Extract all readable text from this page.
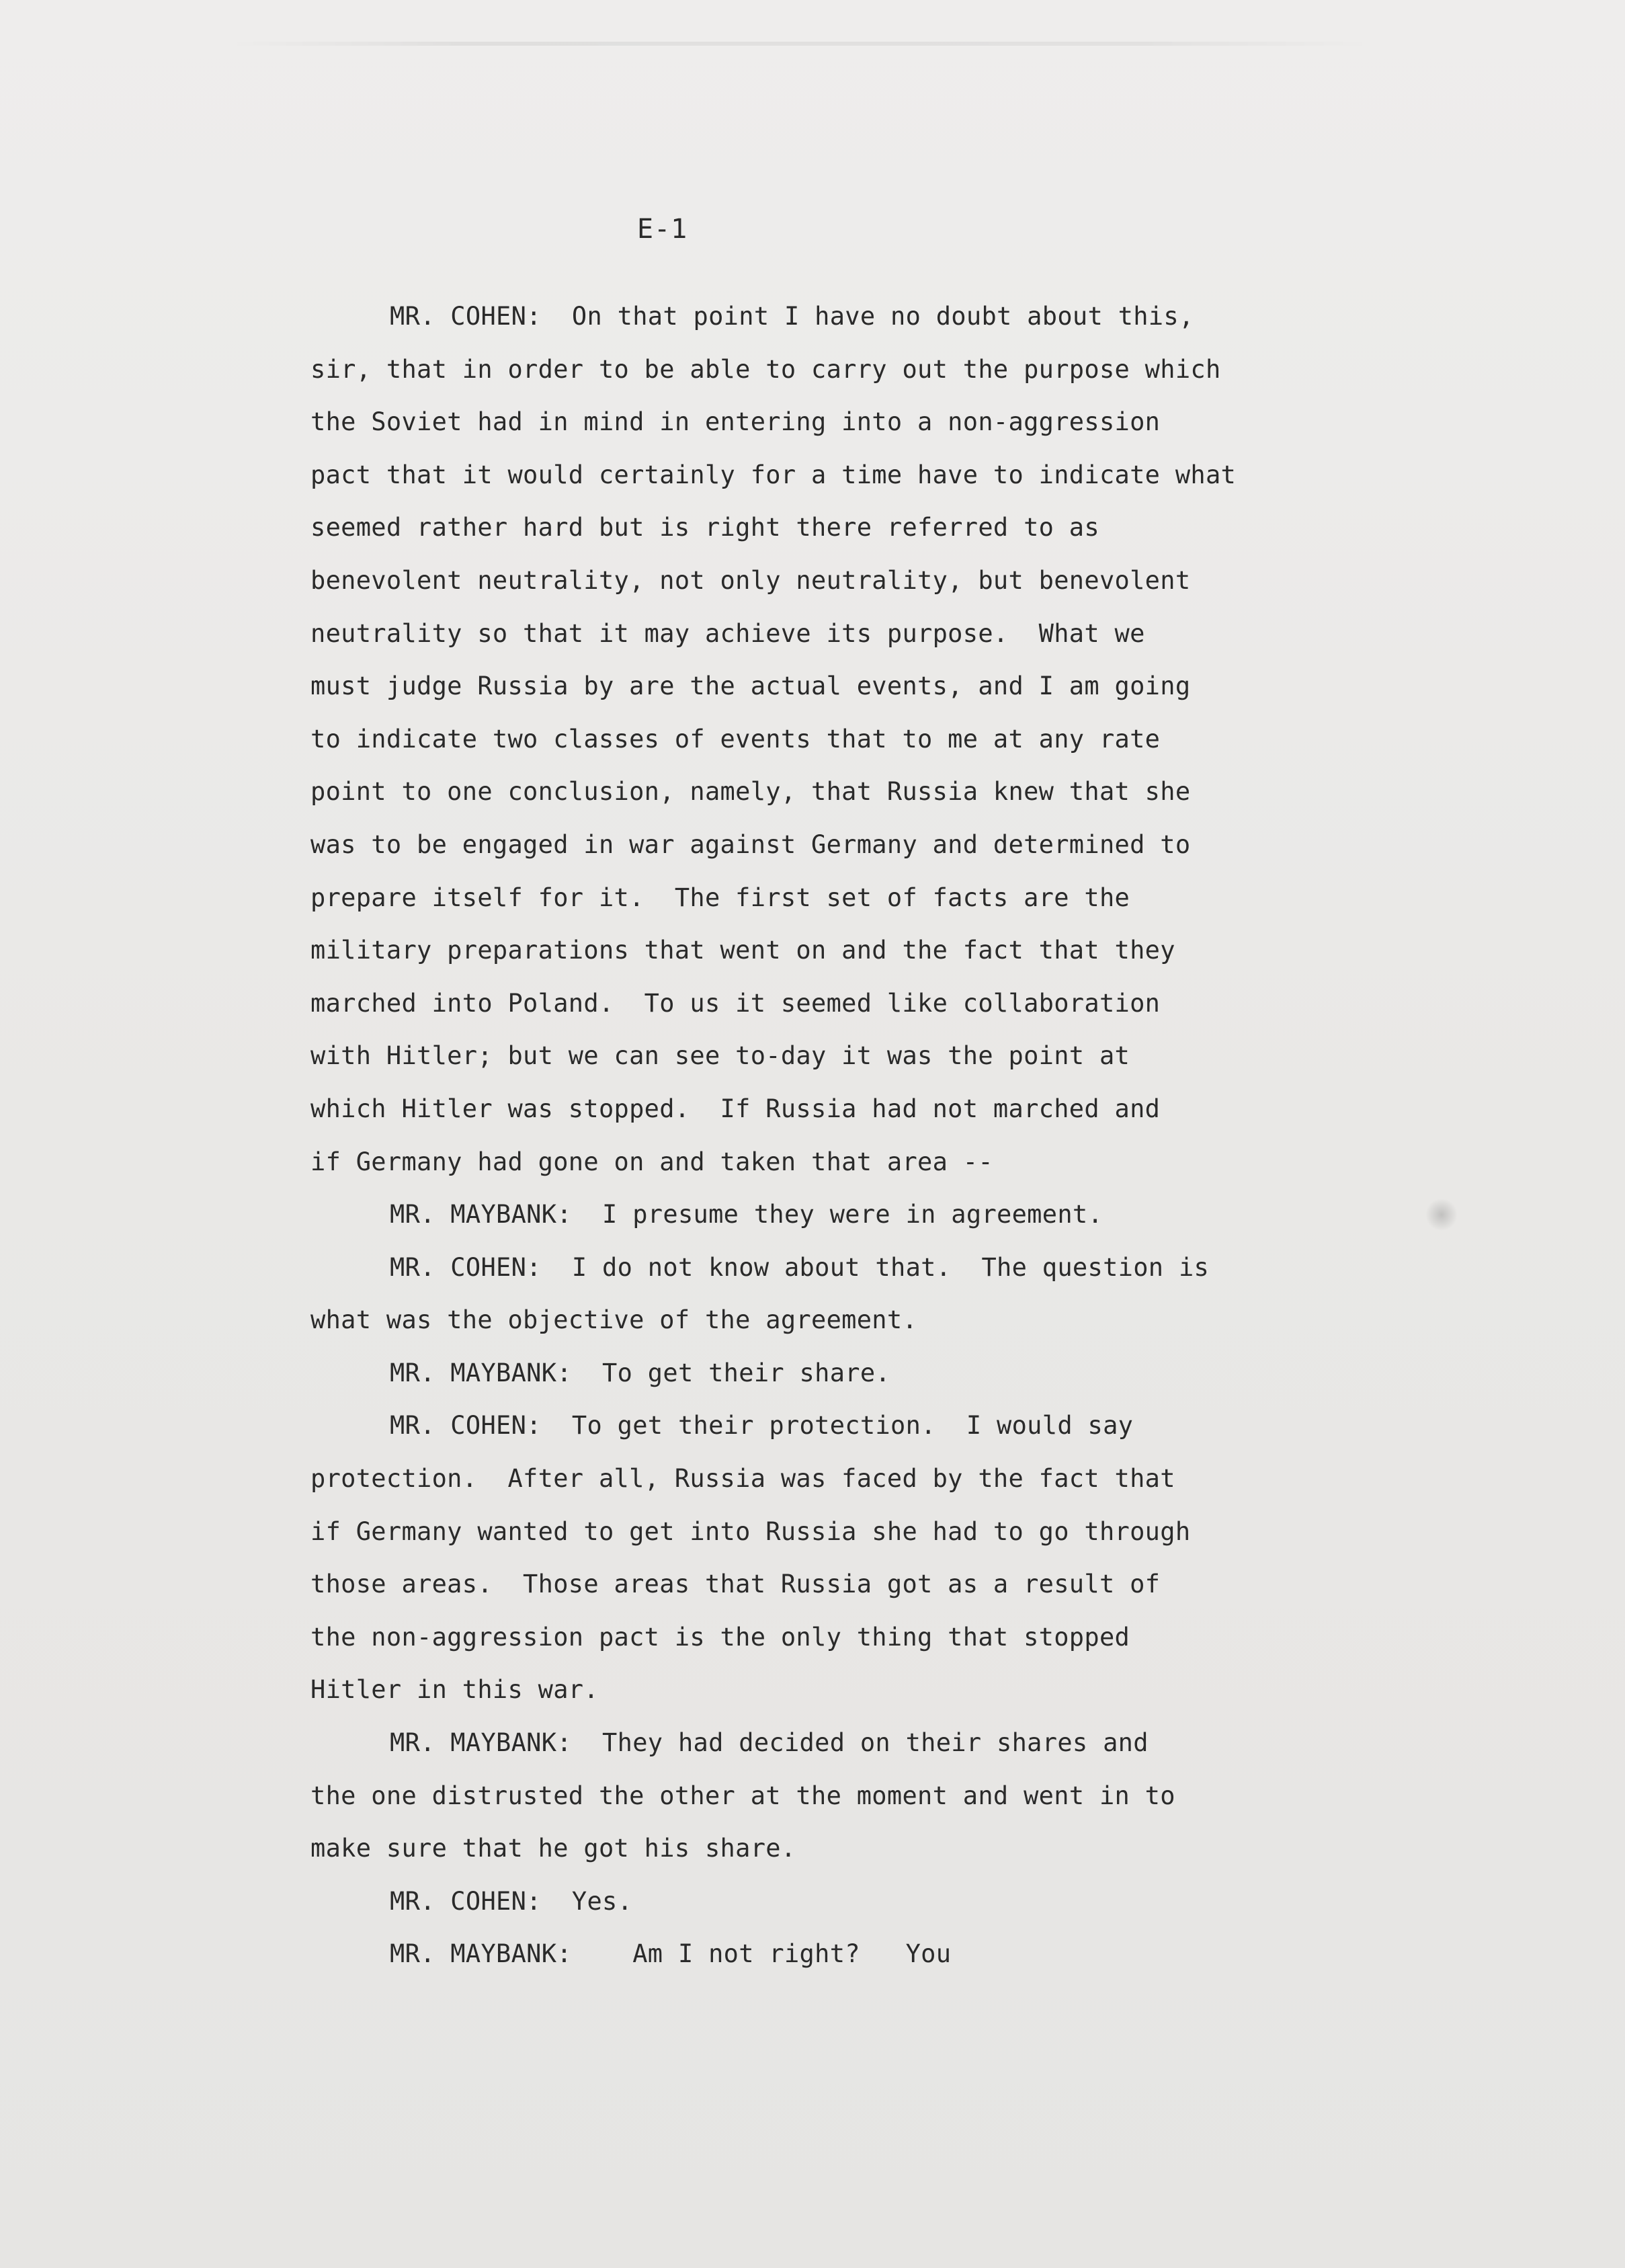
E-1
MR. COHEN:  On that point I have no doubt about this,
sir, that in order to be able to carry out the purpose which
the Soviet had in mind in entering into a non-aggression
pact that it would certainly for a time have to indicate what
seemed rather hard but is right there referred to as
benevolent neutrality, not only neutrality, but benevolent
neutrality so that it may achieve its purpose.  What we
must judge Russia by are the actual events, and I am going
to indicate two classes of events that to me at any rate
point to one conclusion, namely, that Russia knew that she
was to be engaged in war against Germany and determined to
prepare itself for it.  The first set of facts are the
military preparations that went on and the fact that they
marched into Poland.  To us it seemed like collaboration
with Hitler; but we can see to-day it was the point at
which Hitler was stopped.  If Russia had not marched and
if Germany had gone on and taken that area --
MR. MAYBANK:  I presume they were in agreement.
MR. COHEN:  I do not know about that.  The question is
what was the objective of the agreement.
MR. MAYBANK:  To get their share.
MR. COHEN:  To get their protection.  I would say
protection.  After all, Russia was faced by the fact that
if Germany wanted to get into Russia she had to go through
those areas.  Those areas that Russia got as a result of
the non-aggression pact is the only thing that stopped
Hitler in this war.
MR. MAYBANK:  They had decided on their shares and
the one distrusted the other at the moment and went in to
make sure that he got his share.
MR. COHEN:  Yes.
MR. MAYBANK:    Am I not right?   You
